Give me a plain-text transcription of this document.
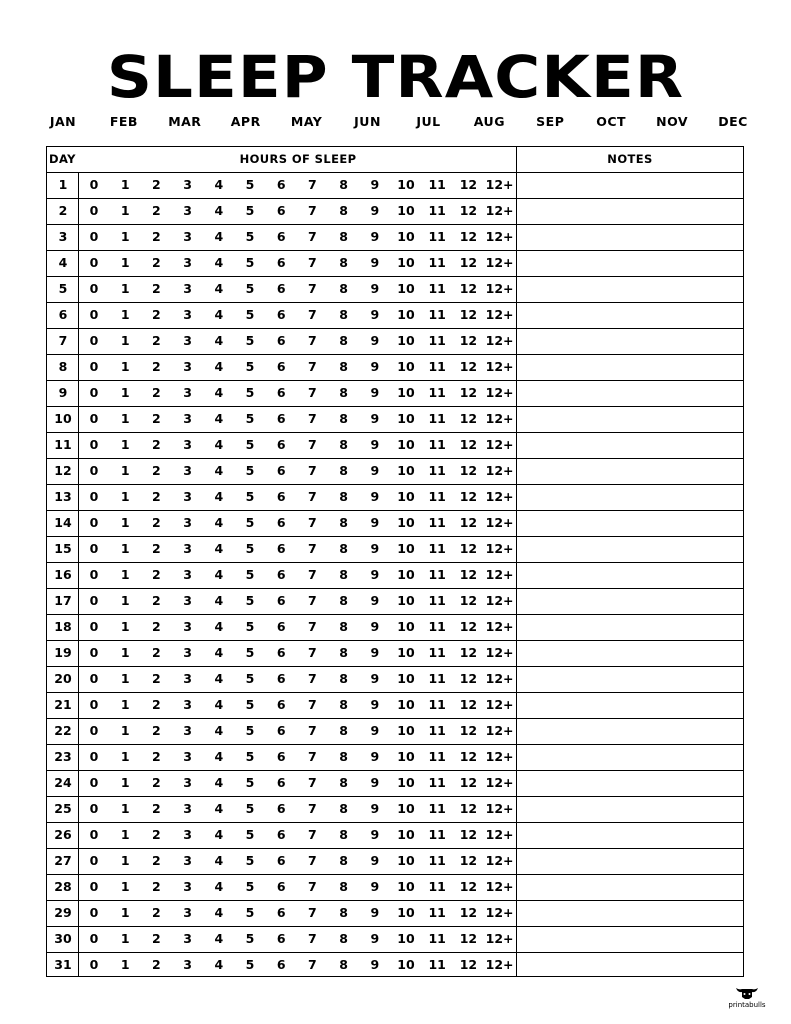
SLEEP TRACKER
JAN	FEB	MAR	APR	MAY	JUN	JUL	AUG	SEP	OCT	NOV	DEC
DAY	HOURS OF SLEEP	NOTES
1	0	1	2	3	4	5	6	7	8	9	10	11	12 12+
2	0	1	2	3	4	5	6	7	8	9	10	11	12 12+
3	0	1	2	3	4	5	6	7	8	9	10	11	12 12+
4	0	1	2	3	4	5	6	7	8	9	10	11	12 12+
5	0	1	2	3	4	5	6	7	8	9	10	11	12 12+
6	0	1	2	3	4	5	6	7	8	9	10	11	12 12+
7	0	1	2	3	4	5	6	7	8	9	10	11	12 12+
8	0	1	2	3	4	5	6	7	8	9	10	11	12 12+
9	0	1	2	3	4	5	6	7	8	9	10	11	12 12+
10	0	1	2	3	4	5	6	7	8	9	10	11	12 12+
11	0	1	2	3	4	5	6	7	8	9	10	11	12 12+
12	0	1	2	3	4	5	6	7	8	9	10	11	12 12+
13	0	1	2	3	4	5	6	7	8	9	10	11	12 12+
14	0	1	2	3	4	5	6	7	8	9	10	11	12 12+
15	0	1	2	3	4	5	6	7	8	9	10	11	12 12+
16	0	1	2	3	4	5	6	7	8	9	10	11	12 12+
17	0	1	2	3	4	5	6	7	8	9	10	11	12 12+
18	0	1	2	3	4	5	6	7	8	9	10	11	12 12+
19	0	1	2	3	4	5	6	7	8	9	10	11	12 12+
20	0	1	2	3	4	5	6	7	8	9	10	11	12 12+
21	0	1	2	3	4	5	6	7	8	9	10	11	12 12+
22	0	1	2	3	4	5	6	7	8	9	10	11	12 12+
23	0	1	2	3	4	5	6	7	8	9	10	11	12 12+
24	0	1	2	3	4	5	6	7	8	9	10	11	12 12+
25	0	1	2	3	4	5	6	7	8	9	10	11	12 12+
26	0	1	2	3	4	5	6	7	8	9	10	11	12 12+
27	0	1	2	3	4	5	6	7	8	9	10	11	12 12+
28	0	1	2	3	4	5	6	7	8	9	10	11	12 12+
29	0	1	2	3	4	5	6	7	8	9	10	11	12 12+
30	0	1	2	3	4	5	6	7	8	9	10	11	12 12+
31	0	1	2	3	4	5	6	7	8	9	10	11	12 12+
printabulls
